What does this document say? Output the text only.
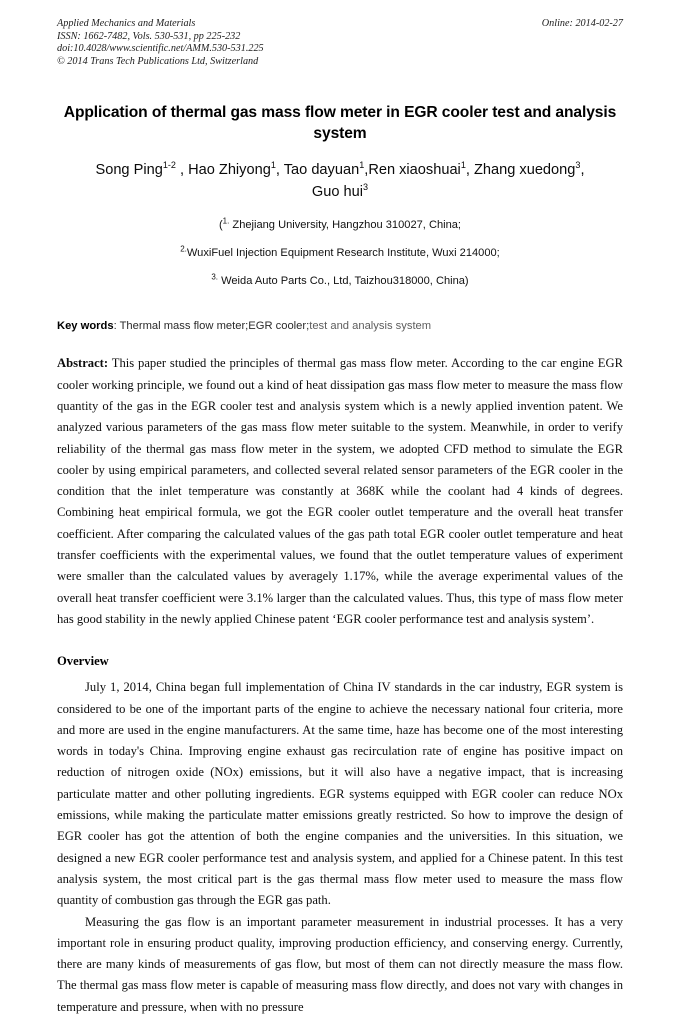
Applied Mechanics and Materials
ISSN: 1662-7482, Vols. 530-531, pp 225-232
doi:10.4028/www.scientific.net/AMM.530-531.225
© 2014 Trans Tech Publications Ltd, Switzerland
Online: 2014-02-27
Application of thermal gas mass flow meter in EGR cooler test and analysis system
Song Ping$^{1-2}$ , Hao Zhiyong$^1$, Tao dayuan$^1$,Ren xiaoshuai$^1$, Zhang xuedong$^3$,
Guo hui$^3$
($^{1.}$ Zhejiang University, Hangzhou 310027, China;
$^{2.}$WuxiFuel Injection Equipment Research Institute, Wuxi 214000;
$^{3.}$ Weida Auto Parts Co., Ltd, Taizhou318000, China)
Key words: Thermal mass flow meter;EGR cooler;test and analysis system
Abstract: This paper studied the principles of thermal gas mass flow meter. According to the car engine EGR cooler working principle, we found out a kind of heat dissipation gas mass flow meter to measure the mass flow quantity of the gas in the EGR cooler test and analysis system which is a newly applied invention patent. We analyzed various parameters of the gas mass flow meter suitable to the system. Meanwhile, in order to verify reliability of the thermal gas mass flow meter in the system, we adopted CFD method to simulate the EGR cooler by using empirical parameters, and collected several related sensor parameters of the EGR cooler in the condition that the inlet temperature was constantly at 368K while the coolant had 4 kinds of degrees. Combining heat empirical formula, we got the EGR cooler outlet temperature and the overall heat transfer coefficient. After comparing the calculated values of the gas path total EGR cooler outlet temperature and heat transfer coefficients with the experimental values, we found that the outlet temperature values of experiment were smaller than the calculated values by averagely 1.17%, while the average experimental values of the overall heat transfer coefficient were 3.1% larger than the calculated values. Thus, this type of mass flow meter has good stability in the newly applied Chinese patent ‘EGR cooler performance test and analysis system’.
Overview

July 1, 2014, China began full implementation of China IV standards in the car industry, EGR system is considered to be one of the important parts of the engine to achieve the necessary national four criteria, more and more are used in the engine manufacturers. At the same time, haze has become one of the most interesting words in today's China. Improving engine exhaust gas recirculation rate of engine has positive impact on reduction of nitrogen oxide (NOx) emissions, but it will also have a negative impact, that is increasing particulate matter and other polluting ingredients. EGR systems equipped with EGR cooler can reduce NOx emissions, while making the particulate matter emissions greatly restricted. So how to improve the design of EGR cooler has got the attention of both the engine companies and the universities. In this situation, we designed a new EGR cooler performance test and analysis system, and applied for a Chinese patent. In this test analysis system, the most critical part is the gas thermal mass flow meter used to measure the mass flow quantity of combustion gas through the EGR gas path.

Measuring the gas flow is an important parameter measurement in industrial processes. It has a very important role in ensuring product quality, improving production efficiency, and conserving energy. Currently, there are many kinds of measurements of gas flow, but most of them can not directly measure the mass flow. The thermal gas mass flow meter is capable of measuring mass flow directly, and does not vary with changes in temperature and pressure, when with no pressure
